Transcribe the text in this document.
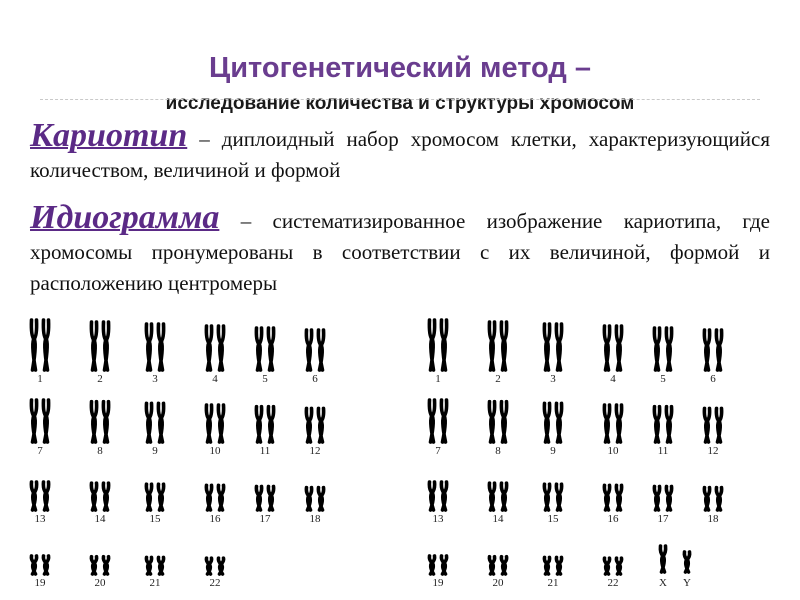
Цитогенетический метод –
исследование количества и структуры хромосом
Кариотип – диплоидный набор хромосом клетки, характеризующийся количеством, величиной и формой
Идиограмма – систематизированное изображение кариотипа, где хромосомы пронумерованы в соответствии с их величиной, формой и расположению центромеры
1	2	3	4	5	6
7	8	9	10	11	12
13	14	15	16	17	18
19	20	21	22
1	2	3	4	5	6
7	8	9	10	11	12
13	14	15	16	17	18
19	20	21	22	X Y
